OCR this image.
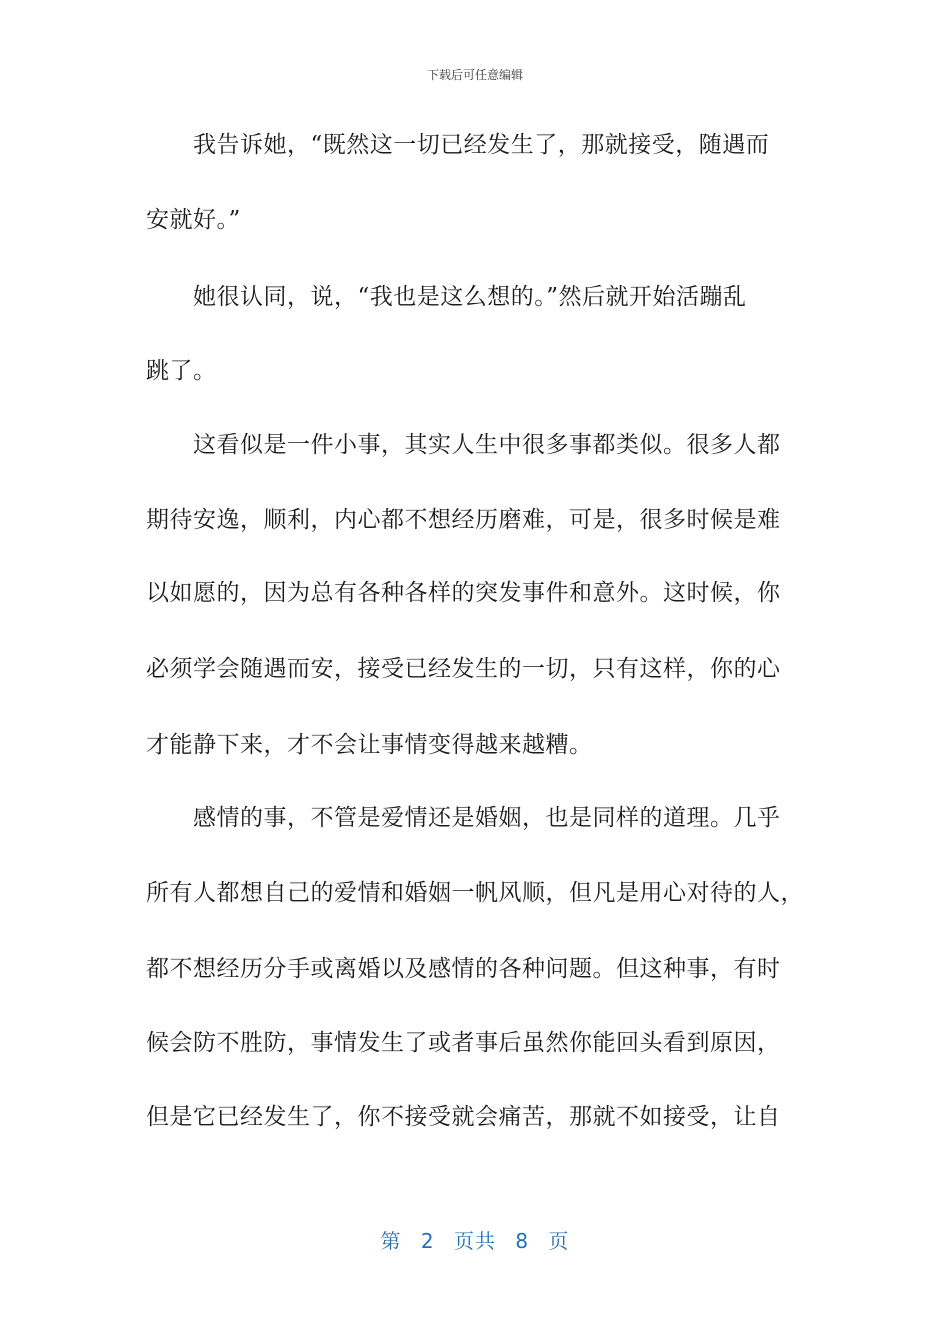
下载后可任意编辑
　　我告诉她，“既然这一切已经发生了，那就接受，随遇而
安就好。”
　　她很认同，说，“我也是这么想的。”然后就开始活蹦乱
跳了。
　　这看似是一件小事，其实人生中很多事都类似。很多人都
期待安逸，顺利，内心都不想经历磨难，可是，很多时候是难
以如愿的，因为总有各种各样的突发事件和意外。这时候，你
必须学会随遇而安，接受已经发生的一切，只有这样，你的心
才能静下来，才不会让事情变得越来越糟。
　　感情的事，不管是爱情还是婚姻，也是同样的道理。几乎
所有人都想自己的爱情和婚姻一帆风顺，但凡是用心对待的人，
都不想经历分手或离婚以及感情的各种问题。但这种事，有时
候会防不胜防，事情发生了或者事后虽然你能回头看到原因，
但是它已经发生了，你不接受就会痛苦，那就不如接受，让自
第 2 页共 8 页
